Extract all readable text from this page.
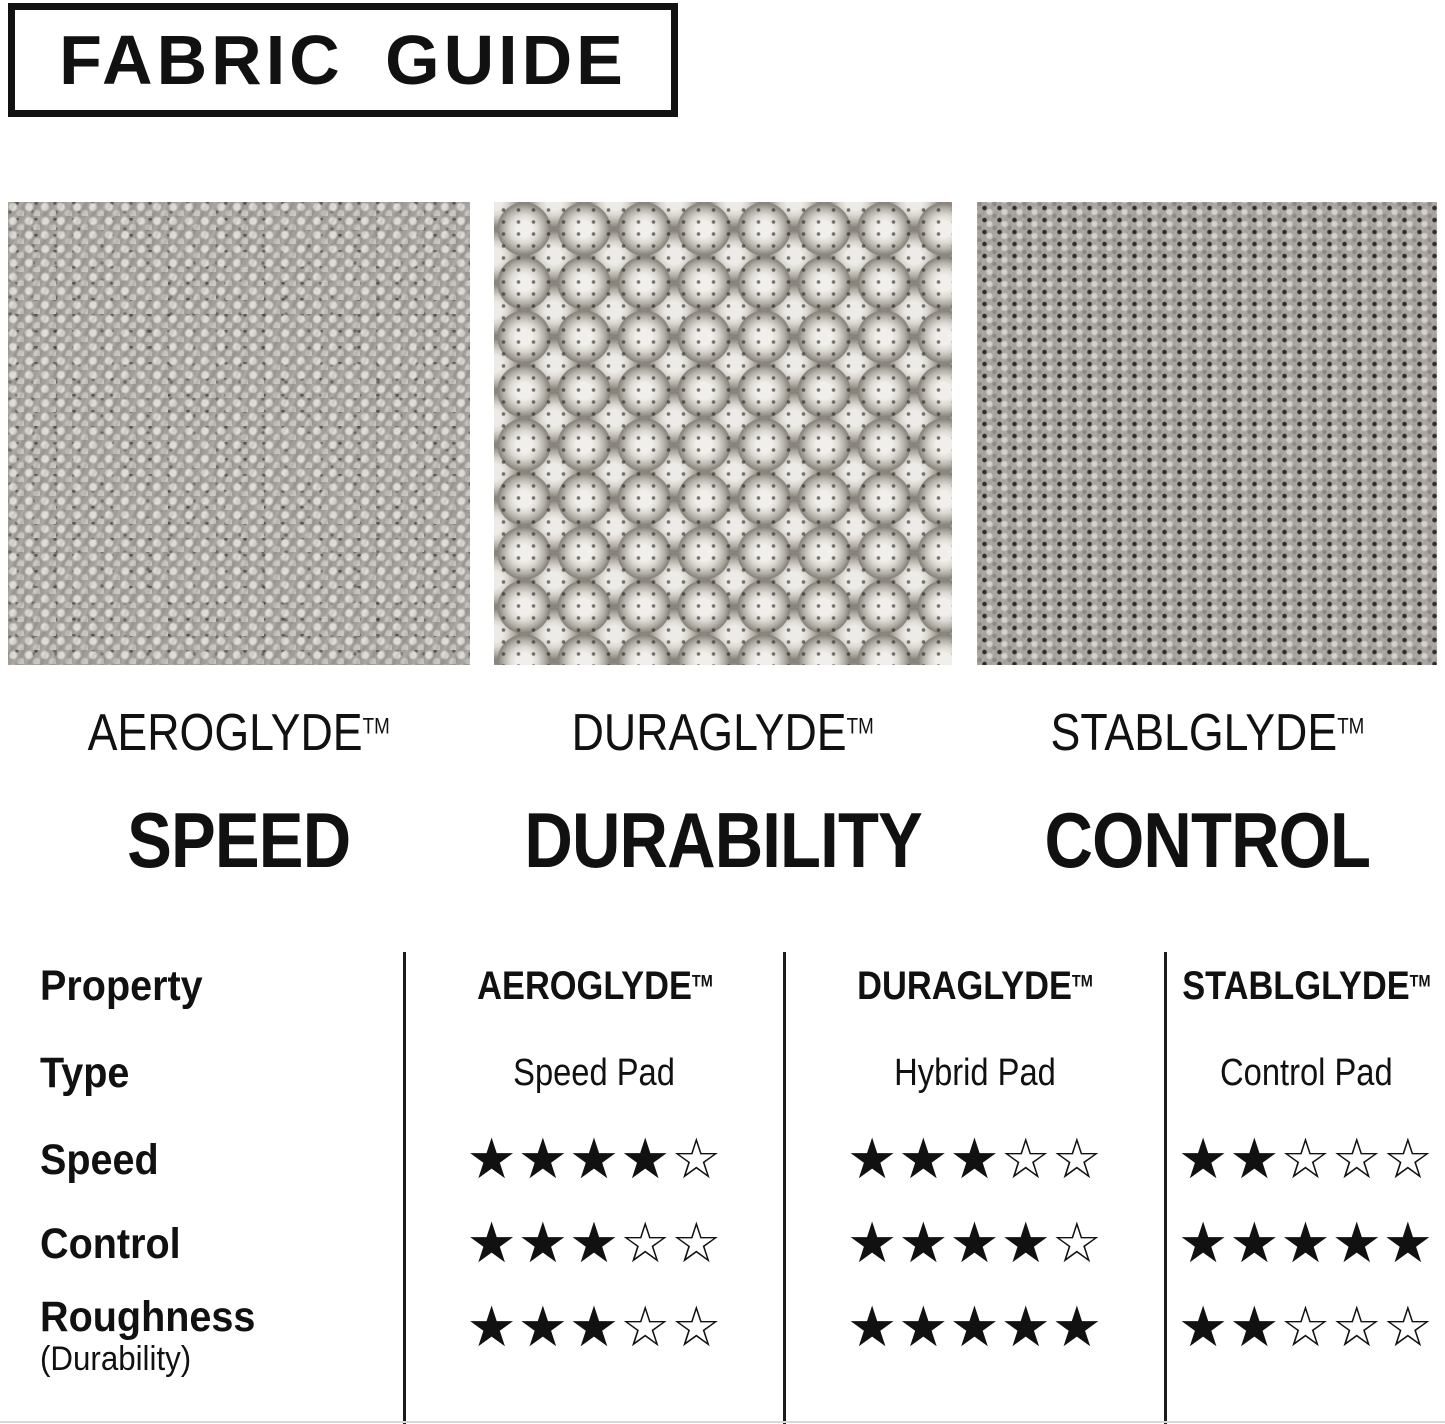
FABRIC GUIDE
AEROGLYDE™	DURAGLYDE™	STABLGLYDE™
SPEED DURABILITY CONTROL
Property	AEROGLYDE™	DURAGLYDE™ STABLGLYDE™
Type	Speed Pad	Hybrid Pad	Control Pad
Speed	★★★★☆ ★★★☆☆ ★★☆☆☆
Control	★★★☆☆ ★★★★☆ ★★★★★
Roughness
(Durability)	★★★☆☆ ★★★★★ ★★☆☆☆
